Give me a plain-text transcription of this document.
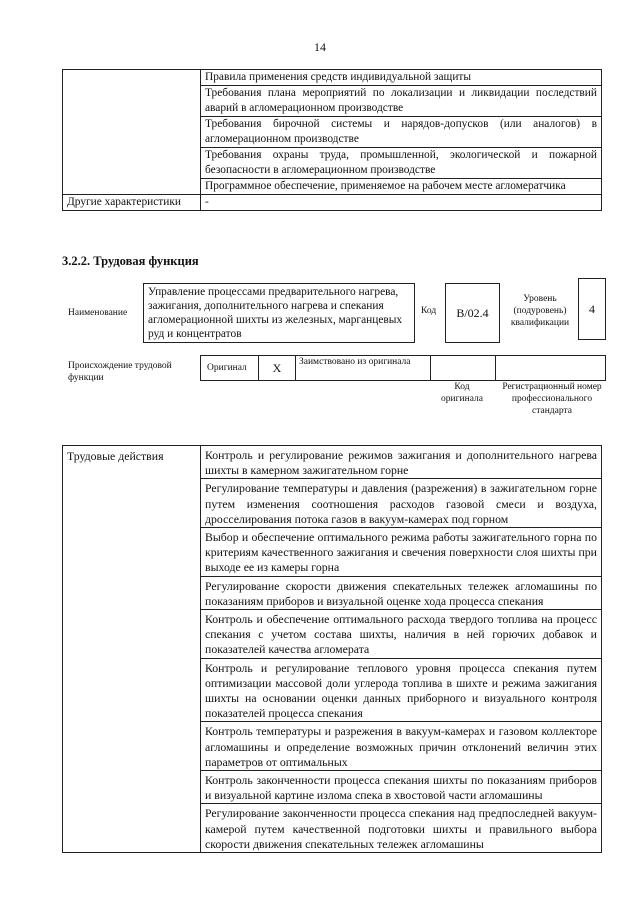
14
	Правила применения средств индивидуальной защиты
	Требования плана мероприятий по локализации и ликвидации последствий аварий в агломерационном производстве
	Требования бирочной системы и нарядов-допусков (или аналогов) в агломерационном производстве
	Требования охраны труда, промышленной, экологической и пожарной безопасности в агломерационном производстве
	Программное обеспечение, применяемое на рабочем месте агломератчика
Другие характеристики	-
3.2.2. Трудовая функция
Наименование
Управление процессами предварительного нагрева, зажигания, дополнительного нагрева и спекания агломерационной шихты из железных, марганцевых руд и концентратов
Код	B/02.4
Уровень (подуровень) квалификации
4
Происхождение трудовой функции
Оригинал	X	Заимствовано из оригинала
Код оригинала
Регистрационный номер профессионального стандарта
Трудовые действия	Контроль и регулирование режимов зажигания и дополнительного нагрева шихты в камерном зажигательном горне
Регулирование температуры и давления (разрежения) в зажигательном горне путем изменения соотношения расходов газовой смеси и воздуха, дросселирования потока газов в вакуум-камерах под горном
Выбор и обеспечение оптимального режима работы зажигательного горна по критериям качественного зажигания и свечения поверхности слоя шихты при выходе ее из камеры горна
Регулирование скорости движения спекательных тележек агломашины по показаниям приборов и визуальной оценке хода процесса спекания
Контроль и обеспечение оптимального расхода твердого топлива на процесс спекания с учетом состава шихты, наличия в ней горючих добавок и показателей качества агломерата
Контроль и регулирование теплового уровня процесса спекания путем оптимизации массовой доли углерода топлива в шихте и режима зажигания шихты на основании оценки данных приборного и визуального контроля показателей процесса спекания
Контроль температуры и разрежения в вакуум-камерах и газовом коллекторе агломашины и определение возможных причин отклонений величин этих параметров от оптимальных
Контроль законченности процесса спекания шихты по показаниям приборов и визуальной картине излома спека в хвостовой части агломашины
Регулирование законченности процесса спекания над предпоследней вакуум-камерой путем качественной подготовки шихты и правильного выбора скорости движения спекательных тележек агломашины
